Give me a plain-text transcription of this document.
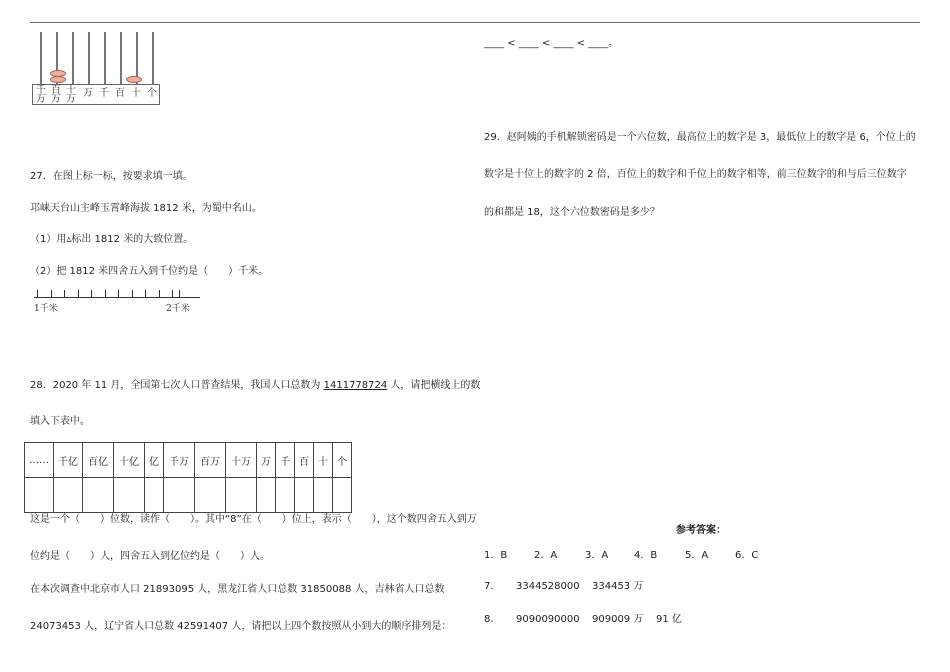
千
万
百
万
十
万
万 千 百 十 个
27．在图上标一标，按要求填一填。
邛崃天台山主峰玉霄峰海拔 1812 米，为蜀中名山。
（1）用▵标出 1812 米的大致位置。
（2）把 1812 米四舍五入到千位约是（　　）千米。
1千米	2千米
28．2020 年 11 月，全国第七次人口普查结果，我国人口总数为 1411778724 人，请把横线上的数
填入下表中。
……	千亿	百亿	十亿	亿	千万	百万	十万	万	千	百	十	个

这是一个（　　）位数，读作（　　）。其中“8”在（　　）位上，表示（　　），这个数四舍五入到万
位约是（　　）人，四舍五入到亿位约是（　　）人。
在本次调查中北京市人口 21893095 人，黑龙江省人口总数 31850088 人，吉林省人口总数
24073453 人，辽宁省人口总数 42591407 人，请把以上四个数按照从小到大的顺序排列是：
____ < ____ < ____ < ____。
29．赵阿姨的手机解锁密码是一个六位数，最高位上的数字是 3，最低位上的数字是 6，个位上的
数字是十位上的数字的 2 倍，百位上的数字和千位上的数字相等，前三位数字的和与后三位数字
的和都是 18，这个六位数密码是多少？
参考答案：
1．B	2．A	3．A	4．B	5．A	6．C
7. 3344528000 334453 万
8. 9090090000 909009 万 91 亿
